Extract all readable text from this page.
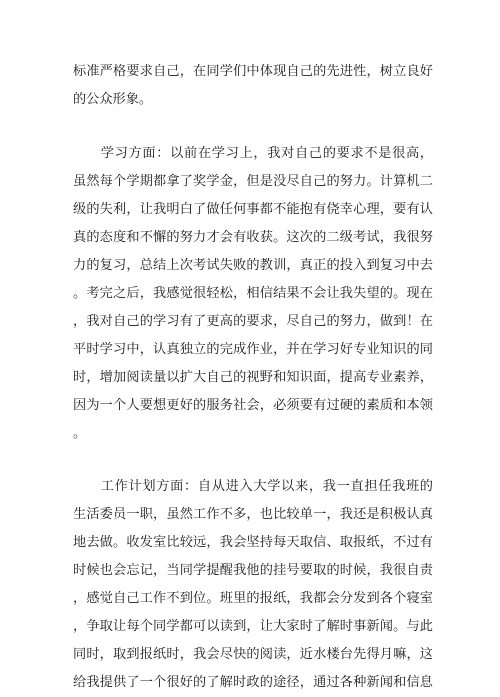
标准严格要求自己，在同学们中体现自己的先进性，树立良好
的公众形象。
　　学习方面：以前在学习上，我对自己的要求不是很高，
虽然每个学期都拿了奖学金，但是没尽自己的努力。计算机二
级的失利，让我明白了做任何事都不能抱有侥幸心理，要有认
真的态度和不懈的努力才会有收获。这次的二级考试，我很努
力的复习，总结上次考试失败的教训，真正的投入到复习中去
。考完之后，我感觉很轻松，相信结果不会让我失望的。现在
，我对自己的学习有了更高的要求，尽自己的努力，做到！在
平时学习中，认真独立的完成作业，并在学习好专业知识的同
时，增加阅读量以扩大自己的视野和知识面，提高专业素养，
因为一个人要想更好的服务社会，必须要有过硬的素质和本领
。
　　工作计划方面：自从进入大学以来，我一直担任我班的
生活委员一职，虽然工作不多，也比较单一，我还是积极认真
地去做。收发室比较远，我会坚持每天取信、取报纸，不过有
时候也会忘记，当同学提醒我他的挂号要取的时候，我很自责
，感觉自己工作不到位。班里的报纸，我都会分发到各个寝室
，争取让每个同学都可以读到，让大家时了解时事新闻。与此
同时，取到报纸时，我会尽快的阅读，近水楼台先得月嘛，这
给我提供了一个很好的了解时政的途径，通过各种新闻和信息
